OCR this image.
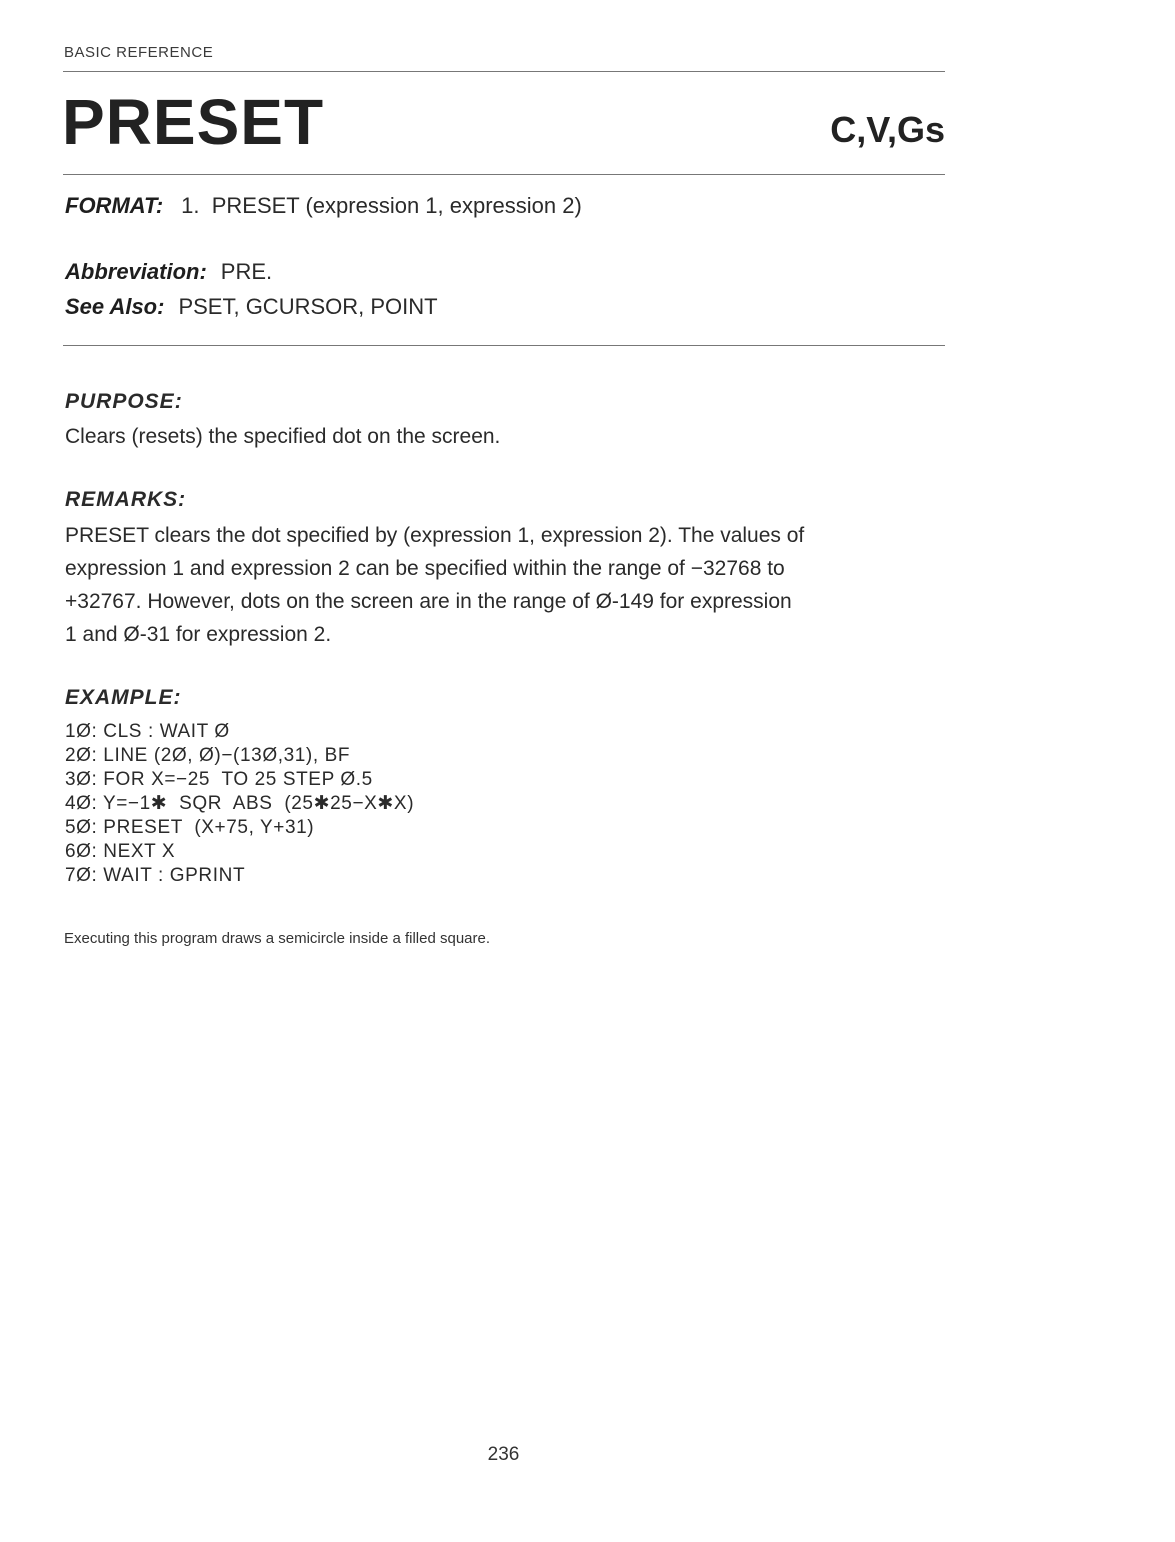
BASIC REFERENCE
PRESET	C,V,Gs
FORMAT: 1.  PRESET (expression 1, expression 2)
Abbreviation: PRE.
See Also: PSET, GCURSOR, POINT
PURPOSE:
Clears (resets) the specified dot on the screen.
REMARKS:
PRESET clears the dot specified by (expression 1, expression 2). The values of
expression 1 and expression 2 can be specified within the range of −32768 to
+32767. However, dots on the screen are in the range of Ø-149 for expression
1 and Ø-31 for expression 2.
EXAMPLE:
1Ø: CLS : WAIT Ø
2Ø: LINE (2Ø, Ø)−(13Ø,31), BF
3Ø: FOR X=−25  TO 25 STEP Ø.5
4Ø: Y=−1✱  SQR  ABS  (25✱25−X✱X)
5Ø: PRESET  (X+75, Y+31)
6Ø: NEXT X
7Ø: WAIT : GPRINT
Executing this program draws a semicircle inside a filled square.
236
